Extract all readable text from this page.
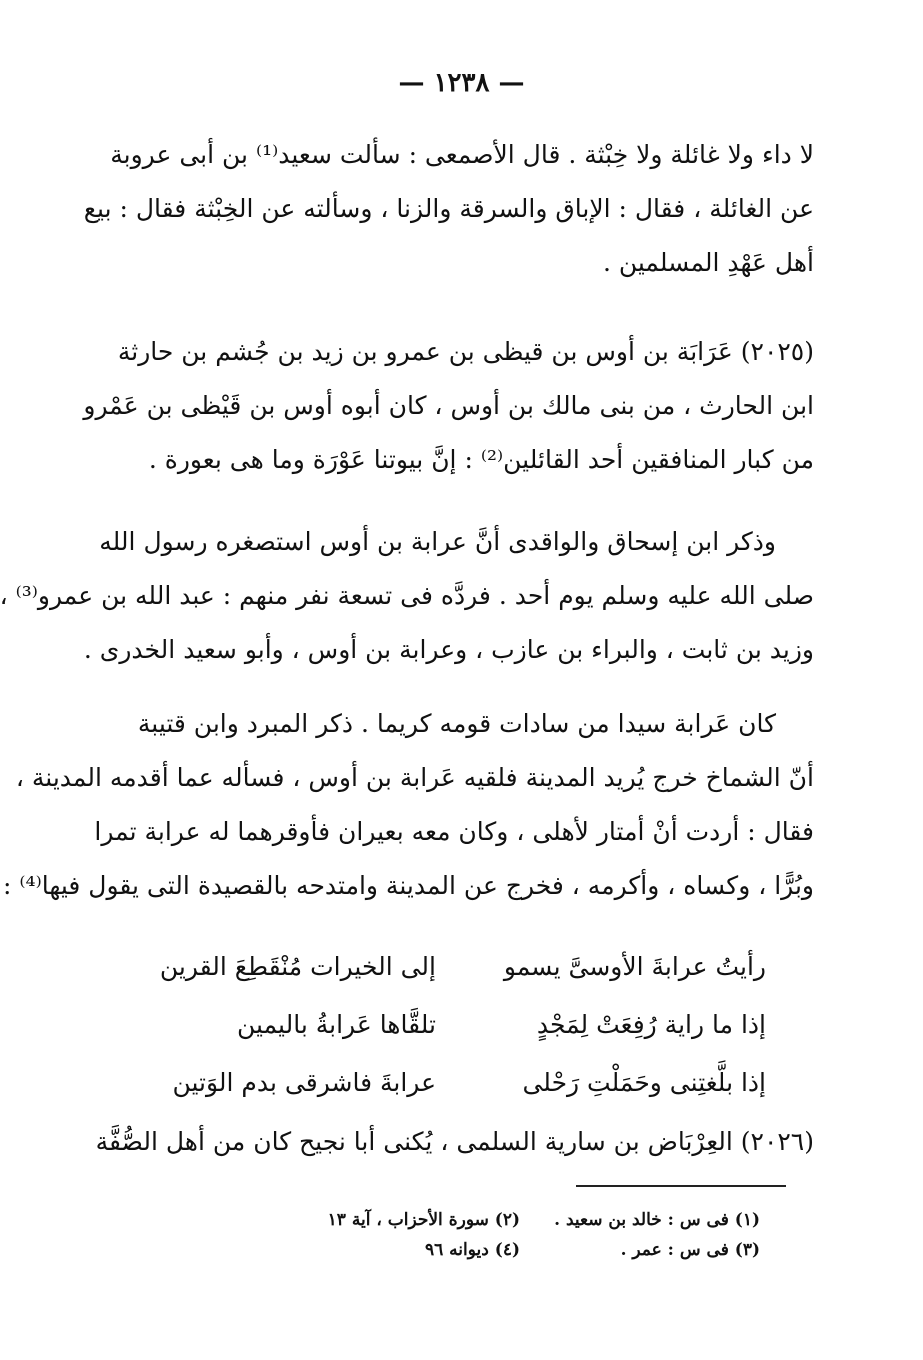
— ١٢٣٨ —
لا داء ولا غائلة ولا خِبْثة . قال الأصمعى : سألت سعيد⁽¹⁾ بن أبى عروبة
عن الغائلة ، فقال : الإباق والسرقة والزنا ، وسألته عن الخِبْثة فقال : بيع
أهل عَهْدِ المسلمين .
(٢٠٢٥) عَرَابَة بن أوس بن قيظى بن عمرو بن زيد بن جُشم بن حارثة
ابن الحارث ، من بنى مالك بن أوس ، كان أبوه أوس بن قَيْظى بن عَمْرو
من كبار المنافقين أحد القائلين⁽²⁾ : إنَّ بيوتنا عَوْرَة وما هى بعورة .
وذكر ابن إسحاق والواقدى أنَّ عرابة بن أوس استصغره رسول الله
صلى الله عليه وسلم يوم أحد . فردَّه فى تسعة نفر منهم : عبد الله بن عمرو⁽³⁾ ،
وزيد بن ثابت ، والبراء بن عازب ، وعرابة بن أوس ، وأبو سعيد الخدرى .
كان عَرابة سيدا من سادات قومه كريما . ذكر المبرد وابن قتيبة
أنّ الشماخ خرج يُريد المدينة فلقيه عَرابة بن أوس ، فسأله عما أقدمه المدينة ،
فقال : أردت أنْ أمتار لأهلى ، وكان معه بعيران فأوقرهما له عرابة تمرا
وبُرًّا ، وكساه ، وأكرمه ، فخرج عن المدينة وامتدحه بالقصيدة التى يقول فيها⁽⁴⁾ :
رأيتُ عرابةَ الأوسىَّ يسمو
إلى الخيرات مُنْقَطِعَ القرين
إذا ما راية رُفِعَتْ لِمَجْدٍ
تلقَّاها عَرابةُ باليمين
إذا بلَّغتِنى وحَمَلْتِ رَحْلى
عرابةَ فاشرقى بدم الوَتين
(٢٠٢٦) العِرْبَاض بن سارية السلمى ، يُكنى أبا نجيح كان من أهل الصُّفَّة
(١) فى س : خالد بن سعيد .
(٢) سورة الأحزاب ، آية ١٣
(٣) فى س : عمر .
(٤) ديوانه ٩٦
